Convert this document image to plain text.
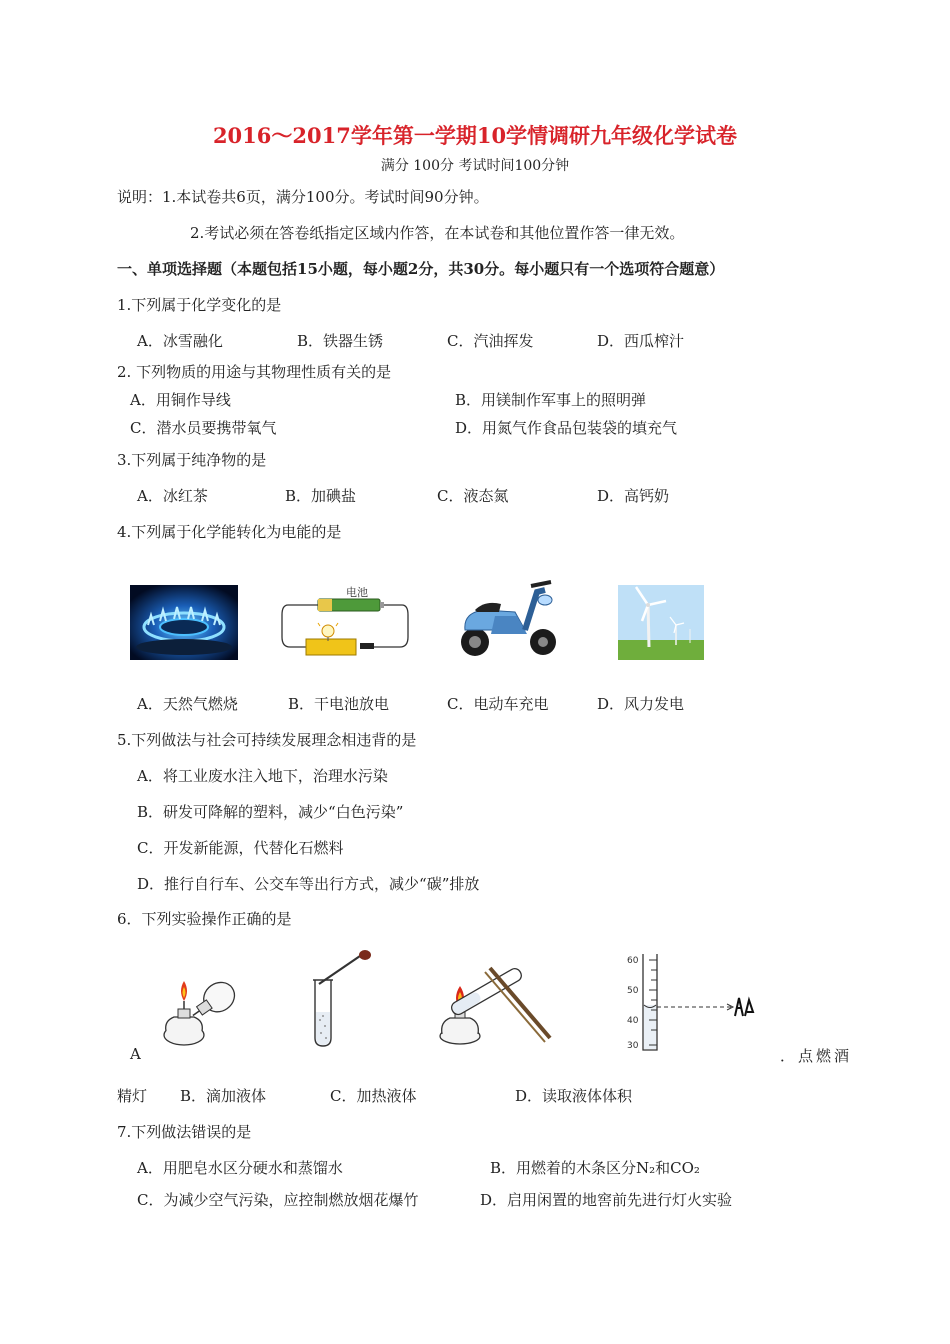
2016～2017学年第一学期10学情调研九年级化学试卷
满分 100分 考试时间100分钟
说明：1.本试卷共6页，满分100分。考试时间90分钟。
2.考试必须在答卷纸指定区域内作答，在本试卷和其他位置作答一律无效。
一、单项选择题（本题包括15小题，每小题2分，共30分。每小题只有一个选项符合题意）
1.下列属于化学变化的是
A．冰雪融化	B．铁器生锈	C．汽油挥发	D．西瓜榨汁
2. 下列物质的用途与其物理性质有关的是
A．用铜作导线	B．用镁制作军事上的照明弹
C．潜水员要携带氧气	D．用氮气作食品包装袋的填充气
3.下列属于纯净物的是
A．冰红茶	B．加碘盐	C．液态氮	D．高钙奶
4.下列属于化学能转化为电能的是
电池
A．天然气燃烧	B．干电池放电	C．电动车充电	D．风力发电
5.下列做法与社会可持续发展理念相违背的是
A．将工业废水注入地下，治理水污染
B．研发可降解的塑料，减少“白色污染”
C．开发新能源，代替化石燃料
D．推行自行车、公交车等出行方式，减少“碳”排放
6．下列实验操作正确的是
60
50
40
30
A	．点燃酒
精灯 B．滴加液体	C．加热液体	D．读取液体体积
7.下列做法错误的是
A．用肥皂水区分硬水和蒸馏水	B．用燃着的木条区分N₂和CO₂
C．为减少空气污染，应控制燃放烟花爆竹	D．启用闲置的地窖前先进行灯火实验
